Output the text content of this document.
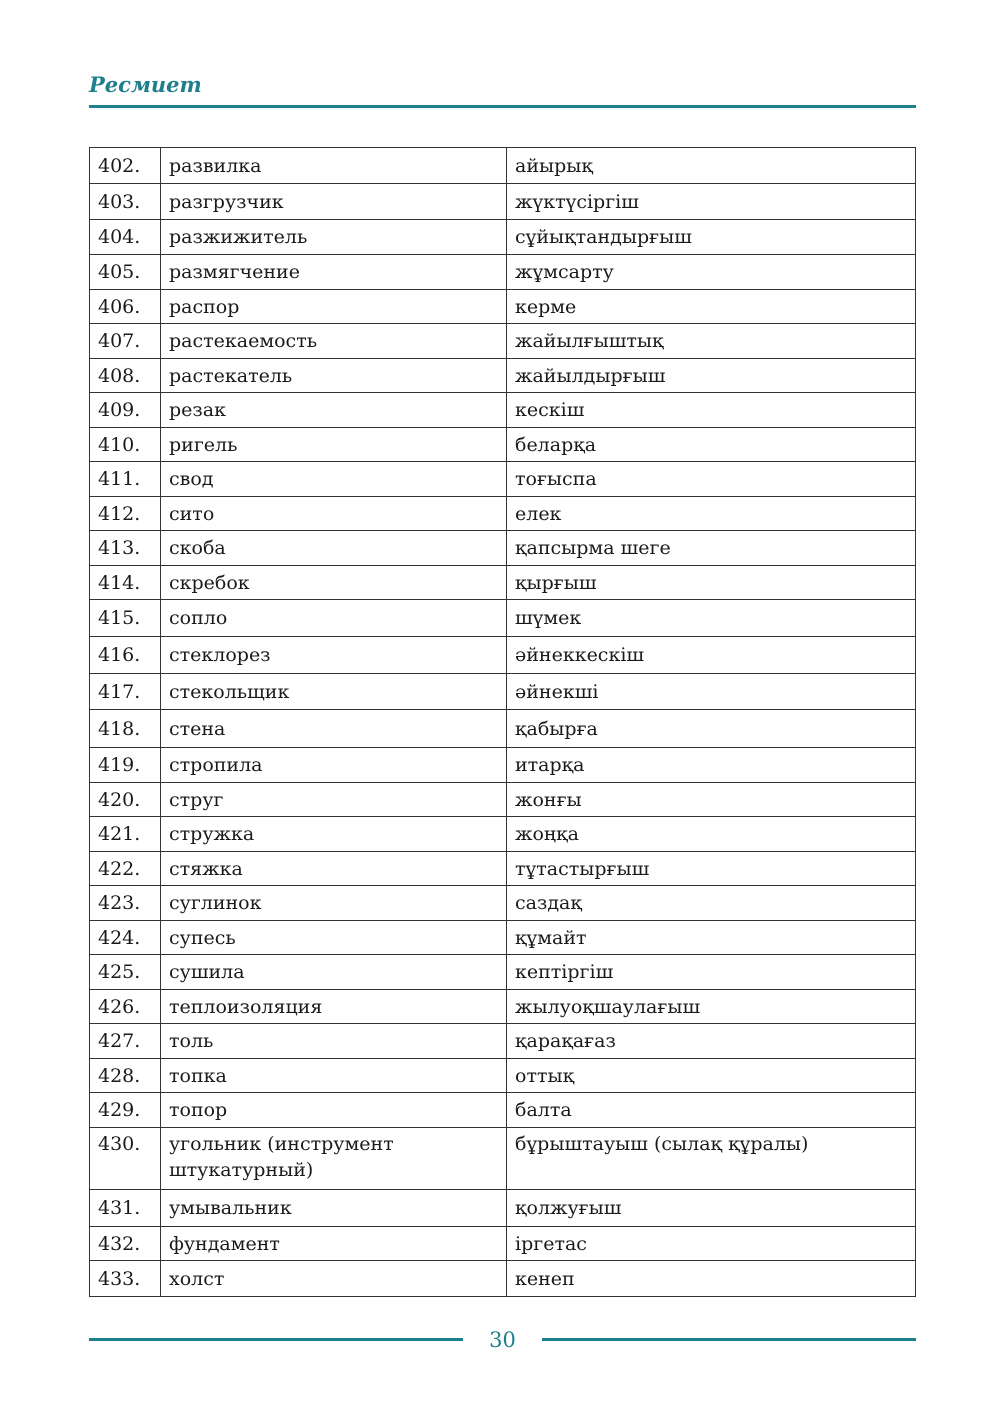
Ресмиет
402.	развилка	айырық
403.	разгрузчик	жүктүсіргіш
404.	разжижитель	сұйықтандырғыш
405.	размягчение	жұмсарту
406.	распор	керме
407.	растекаемость	жайылғыштық
408.	растекатель	жайылдырғыш
409.	резак	кескіш
410.	ригель	беларқа
411.	свод	тоғыспа
412.	сито	елек
413.	скоба	қапсырма шеге
414.	скребок	қырғыш
415.	сопло	шүмек
416.	стеклорез	әйнеккескіш
417.	стекольщик	әйнекші
418.	стена	қабырға
419.	стропила	итарқа
420.	струг	жонғы
421.	стружка	жоңқа
422.	стяжка	тұтастырғыш
423.	суглинок	саздақ
424.	супесь	құмайт
425.	сушила	кептіргіш
426.	теплоизоляция	жылуоқшаулағыш
427.	толь	қарақағаз
428.	топка	оттық
429.	топор	балта
430.	угольник (инструмент штукатурный)	бұрыштауыш (сылақ құралы)
431.	умывальник	қолжуғыш
432.	фундамент	іргетас
433.	холст	кенеп
30
